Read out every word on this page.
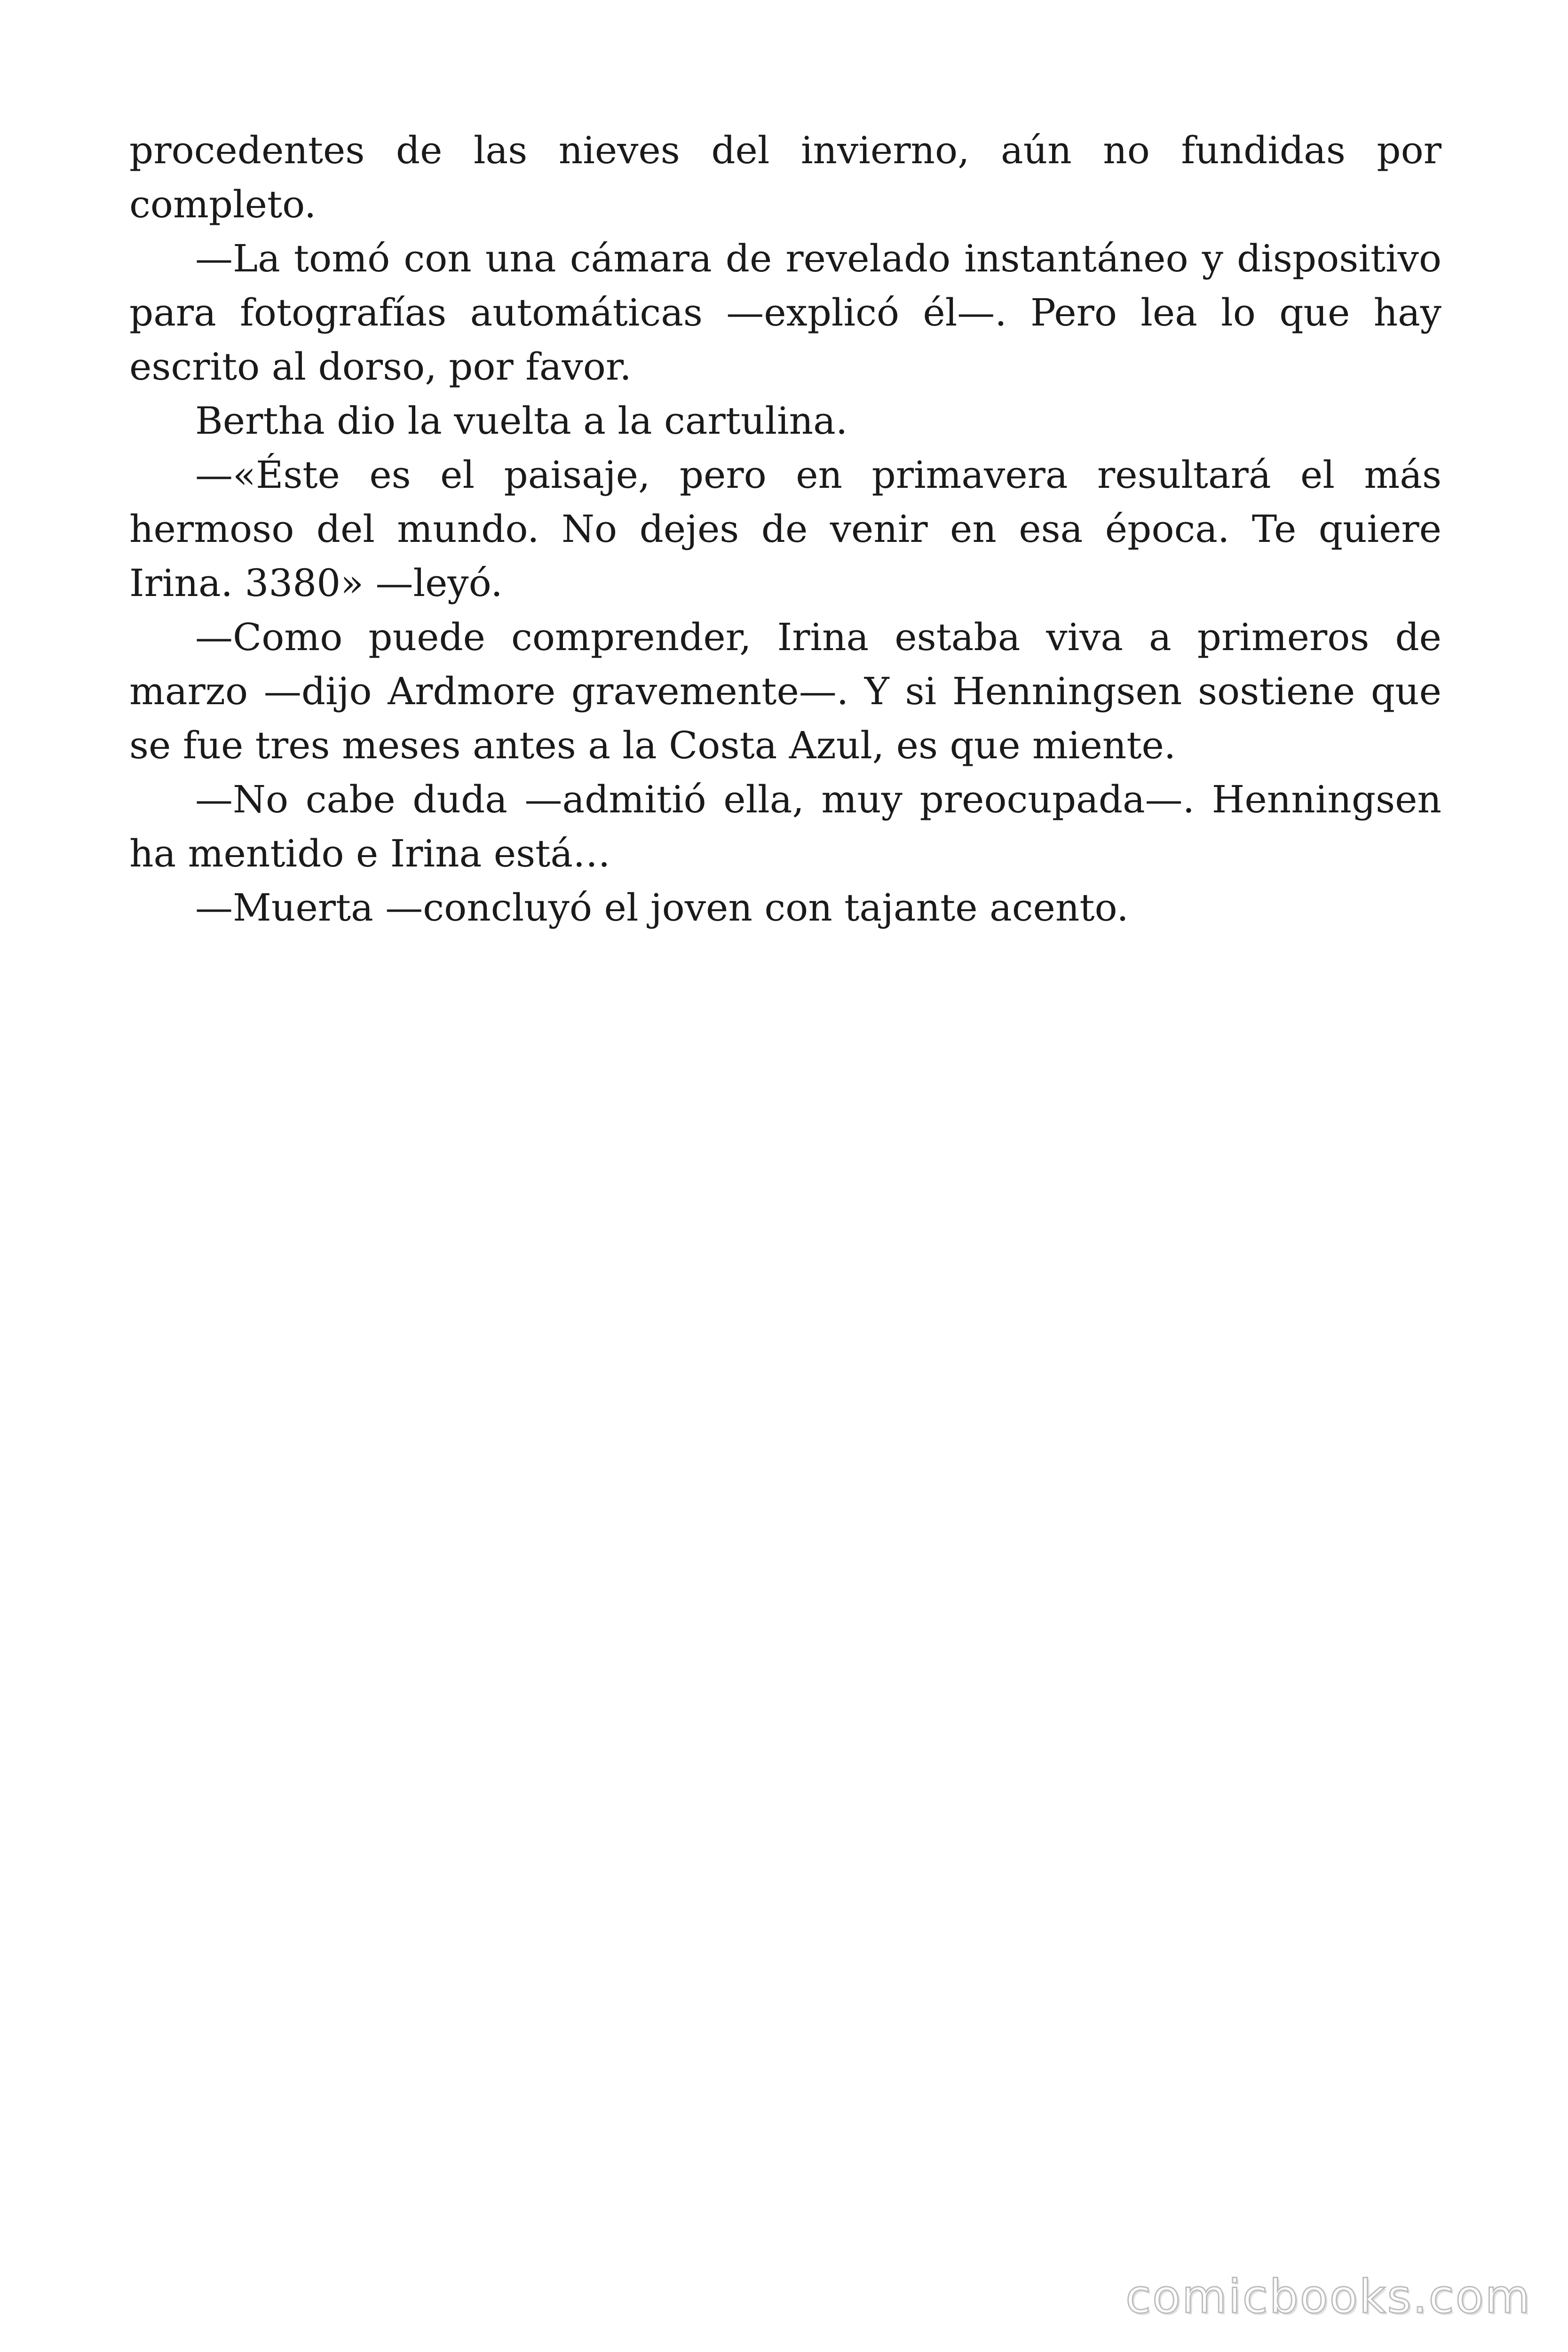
procedentes de las nieves del invierno, aún no fundidas por completo.

—La tomó con una cámara de revelado instantáneo y dispositivo para fotografías automáticas —explicó él—. Pero lea lo que hay escrito al dorso, por favor.

Bertha dio la vuelta a la cartulina.

—«Éste es el paisaje, pero en primavera resultará el más hermoso del mundo. No dejes de venir en esa época. Te quiere Irina. 3380» —leyó.

—Como puede comprender, Irina estaba viva a primeros de marzo —dijo Ardmore gravemente—. Y si Henningsen sostiene que se fue tres meses antes a la Costa Azul, es que miente.

—No cabe duda —admitió ella, muy preocupada—. Henningsen ha mentido e Irina está…

—Muerta —concluyó el joven con tajante acento.

comicbooks.com
